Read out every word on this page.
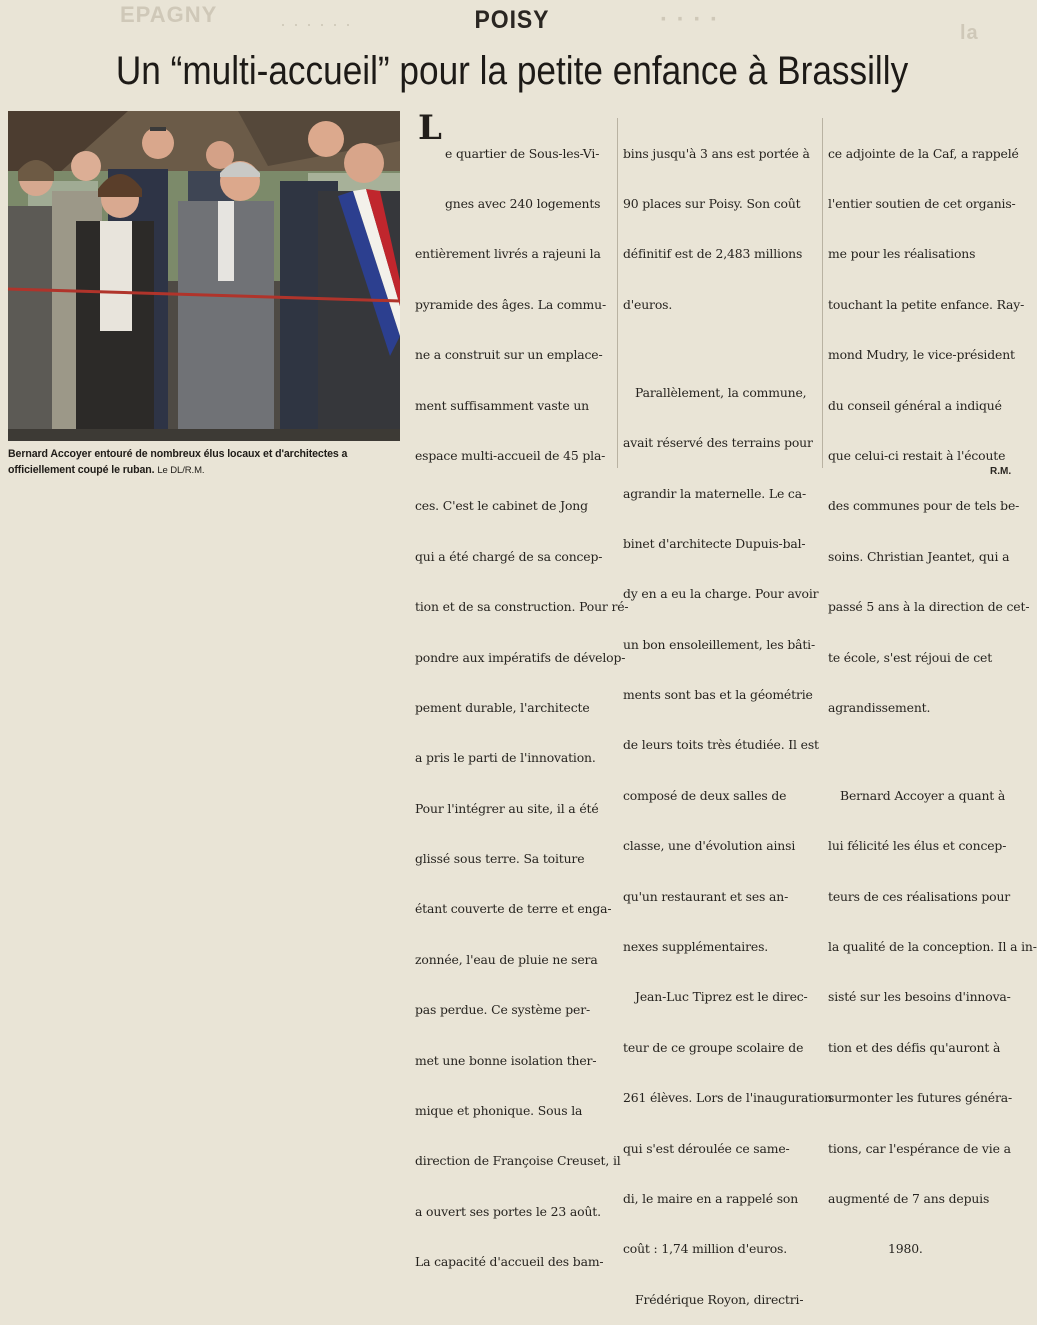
EPAGNY	· · · · · ·	· · · ·	la
POISY
Un “multi-accueil” pour la petite enfance à Brassilly
Bernard Accoyer entouré de nombreux élus locaux et d'architectes a officiellement coupé le ruban. Le DL/R.M.
L

e quartier de Sous-les-Vi-

gnes avec 240 logements

entièrement livrés a rajeuni la

pyramide des âges. La commu-

ne a construit sur un emplace-

ment suffisamment vaste un

espace multi-accueil de 45 pla-

ces. C'est le cabinet de Jong

qui a été chargé de sa concep-

tion et de sa construction. Pour ré-

pondre aux impératifs de dévelop-

pement durable, l'architecte

a pris le parti de l'innovation.

Pour l'intégrer au site, il a été

glissé sous terre. Sa toiture

étant couverte de terre et enga-

zonnée, l'eau de pluie ne sera

pas perdue. Ce système per-

met une bonne isolation ther-

mique et phonique. Sous la

direction de Françoise Creuset, il

a ouvert ses portes le 23 août.

La capacité d'accueil des bam-

bins jusqu'à 3 ans est portée à

90 places sur Poisy. Son coût

définitif est de 2,483 millions

d'euros.

Parallèlement, la commune,

avait réservé des terrains pour

agrandir la maternelle. Le ca-

binet d'architecte Dupuis-bal-

dy en a eu la charge. Pour avoir

un bon ensoleillement, les bâti-

ments sont bas et la géométrie

de leurs toits très étudiée. Il est

composé de deux salles de

classe, une d'évolution ainsi

qu'un restaurant et ses an-

nexes supplémentaires.

Jean-Luc Tiprez est le direc-

teur de ce groupe scolaire de

261 élèves. Lors de l'inauguration

qui s'est déroulée ce same-

di, le maire en a rappelé son

coût : 1,74 million d'euros.

Frédérique Royon, directri-

ce adjointe de la Caf, a rappelé

l'entier soutien de cet organis-

me pour les réalisations

touchant la petite enfance. Ray-

mond Mudry, le vice-président

du conseil général a indiqué

que celui-ci restait à l'écoute

des communes pour de tels be-

soins. Christian Jeantet, qui a

passé 5 ans à la direction de cet-

te école, s'est réjoui de cet

agrandissement.

Bernard Accoyer a quant à

lui félicité les élus et concep-

teurs de ces réalisations pour

la qualité de la conception. Il a in-

sisté sur les besoins d'innova-

tion et des défis qu'auront à

surmonter les futures généra-

tions, car l'espérance de vie a

augmenté de 7 ans depuis

1980.

R.M.
